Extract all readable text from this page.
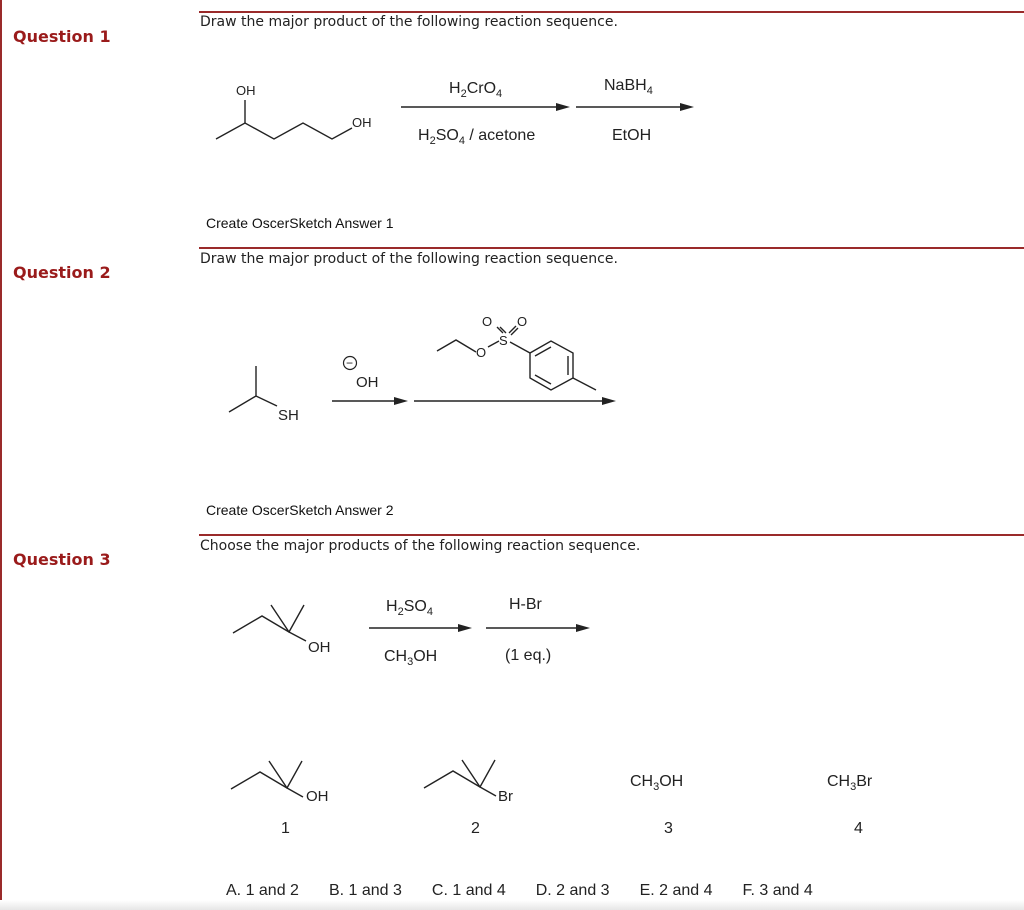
Question 1
Question 2
Question 3
Draw the major product of the following reaction sequence.
Draw the major product of the following reaction sequence.
Choose the major products of the following reaction sequence.
Create OscerSketch Answer 1
Create OscerSketch Answer 2
OH
OH
$H_2CrO_4$
$H_2SO_4$ / acetone
NaBH$_4$
EtOH
SH
−
OH
O
S
O O
OH
$H_2SO_4$
$CH_3OH$
H-Br
(1 eq.)
OH
1
Br
2
$CH_3OH$
3
$CH_3Br$
4
A. 1 and 2 B. 1 and 3 C. 1 and 4 D. 2 and 3 E. 2 and 4 F. 3 and 4
